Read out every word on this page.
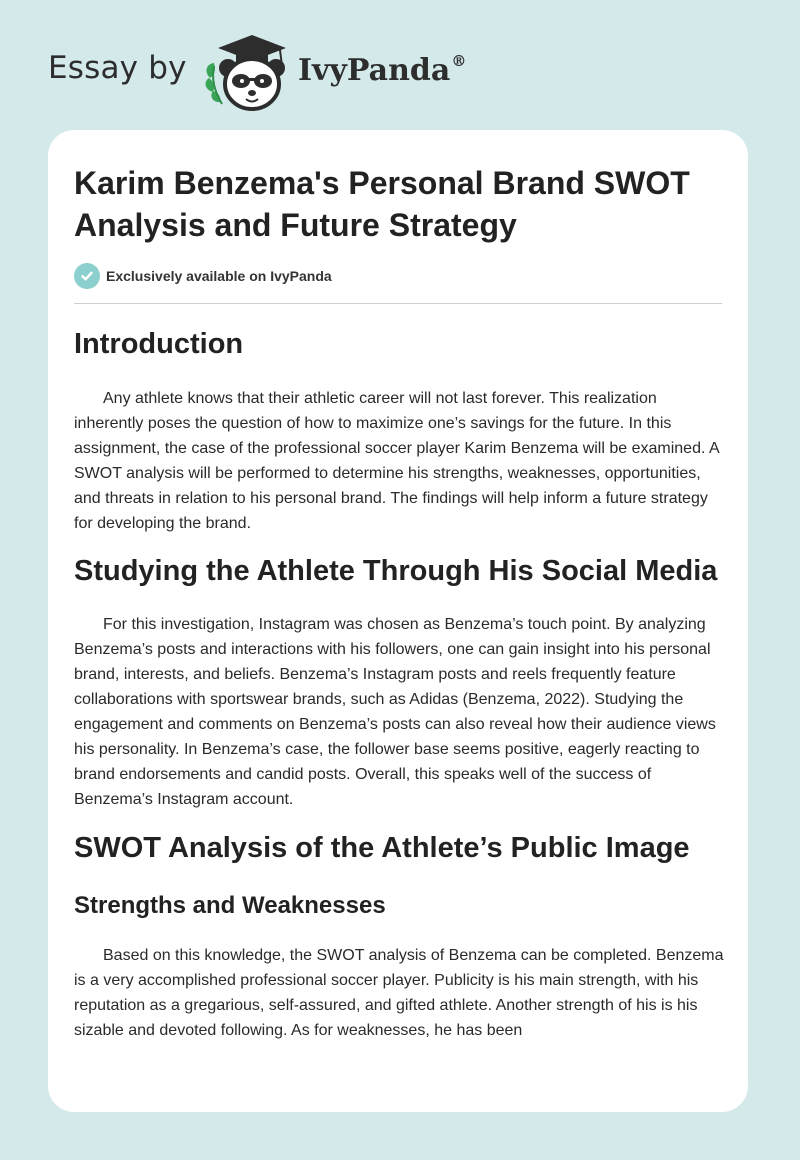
Essay by	IvyPanda®
Karim Benzema's Personal Brand SWOT Analysis and Future Strategy
Exclusively available on IvyPanda
Introduction

Any athlete knows that their athletic career will not last forever. This realization inherently poses the question of how to maximize one’s savings for the future. In this assignment, the case of the professional soccer player Karim Benzema will be examined. A SWOT analysis will be performed to determine his strengths, weaknesses, opportunities, and threats in relation to his personal brand. The findings will help inform a future strategy for developing the brand.

Studying the Athlete Through His Social Media

For this investigation, Instagram was chosen as Benzema’s touch point. By analyzing Benzema’s posts and interactions with his followers, one can gain insight into his personal brand, interests, and beliefs. Benzema’s Instagram posts and reels frequently feature collaborations with sportswear brands, such as Adidas (Benzema, 2022). Studying the engagement and comments on Benzema’s posts can also reveal how their audience views his personality. In Benzema’s case, the follower base seems positive, eagerly reacting to brand endorsements and candid posts. Overall, this speaks well of the success of Benzema’s Instagram account.

SWOT Analysis of the Athlete’s Public Image
Strengths and Weaknesses

Based on this knowledge, the SWOT analysis of Benzema can be completed. Benzema is a very accomplished professional soccer player. Publicity is his main strength, with his reputation as a gregarious, self-assured, and gifted athlete. Another strength of his is his sizable and devoted following. As for weaknesses, he has been
